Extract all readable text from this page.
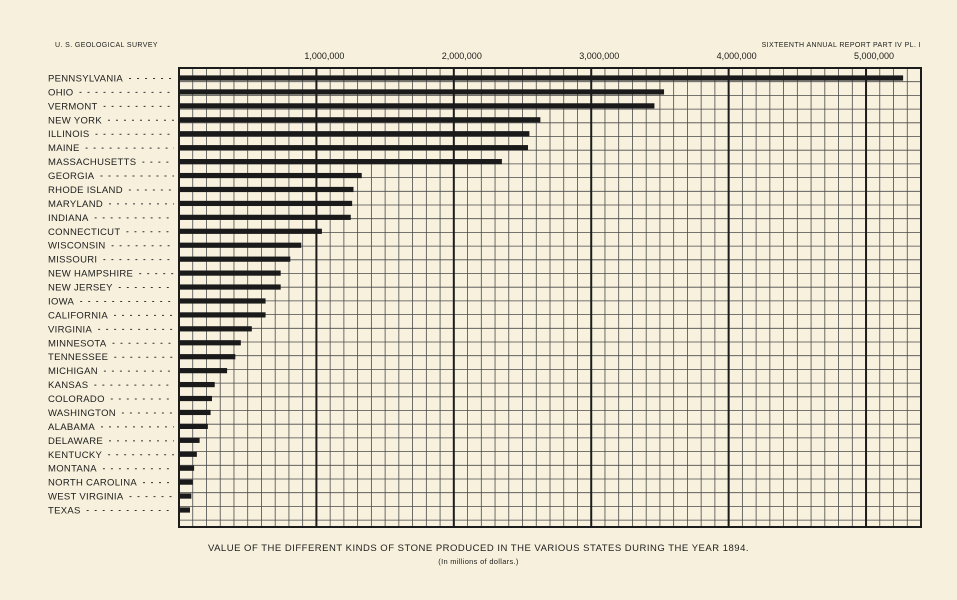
U. S. GEOLOGICAL SURVEY	SIXTEENTH ANNUAL REPORT PART IV PL. I
PENNSYLVANIA
OHIO
VERMONT
NEW YORK
ILLINOIS
MAINE
MASSACHUSETTS
GEORGIA
RHODE ISLAND
MARYLAND
INDIANA
CONNECTICUT
WISCONSIN
MISSOURI
NEW HAMPSHIRE
NEW JERSEY
IOWA
CALIFORNIA
VIRGINIA
MINNESOTA
TENNESSEE
MICHIGAN
KANSAS
COLORADO
WASHINGTON
ALABAMA
DELAWARE
KENTUCKY
MONTANA
NORTH CAROLINA
WEST VIRGINIA
TEXAS
1,000,000	2,000,000	3,000,000	4,000,000	5,000,000
VALUE OF THE DIFFERENT KINDS OF STONE PRODUCED IN THE VARIOUS STATES DURING THE YEAR 1894.
(In millions of dollars.)
